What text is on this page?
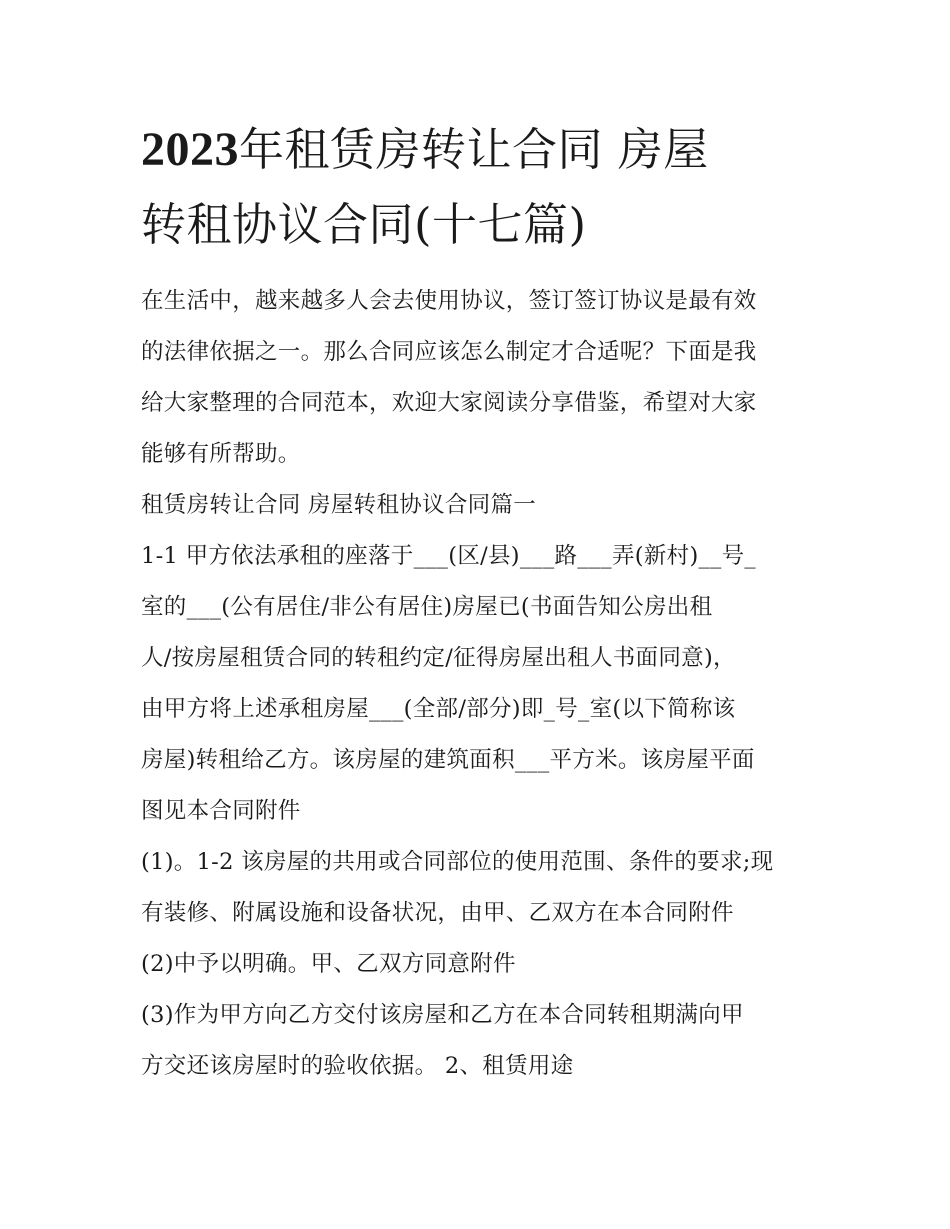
2023年租赁房转让合同 房屋
转租协议合同(十七篇)

在生活中，越来越多人会去使用协议，签订签订协议是最有效
的法律依据之一。那么合同应该怎么制定才合适呢？下面是我
给大家整理的合同范本，欢迎大家阅读分享借鉴，希望对大家
能够有所帮助。

租赁房转让合同 房屋转租协议合同篇一

1-1 甲方依法承租的座落于___(区/县)___路___弄(新村)__号_
室的___(公有居住/非公有居住)房屋已(书面告知公房出租
人/按房屋租赁合同的转租约定/征得房屋出租人书面同意)，
由甲方将上述承租房屋___(全部/部分)即_号_室(以下简称该
房屋)转租给乙方。该房屋的建筑面积___平方米。该房屋平面
图见本合同附件

(1)。1-2 该房屋的共用或合同部位的使用范围、条件的要求;现
有装修、附属设施和设备状况，由甲、乙双方在本合同附件
(2)中予以明确。甲、乙双方同意附件

(3)作为甲方向乙方交付该房屋和乙方在本合同转租期满向甲
方交还该房屋时的验收依据。 2、租赁用途
